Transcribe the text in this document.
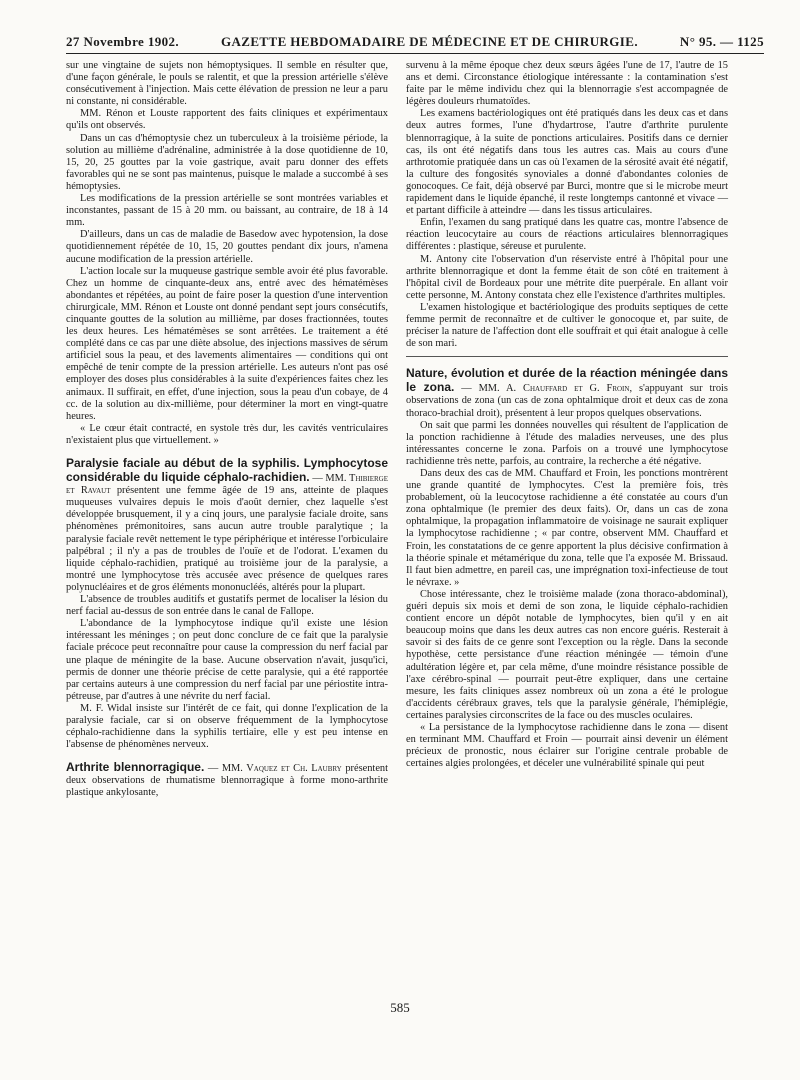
27 Novembre 1902.	GAZETTE HEBDOMADAIRE DE MÉDECINE ET DE CHIRURGIE.	N° 95. — 1125

sur une vingtaine de sujets non hémoptysiques. Il semble en résulter que, d'une façon générale, le pouls se ralentit, et que la pression artérielle s'élève consécutivement à l'injection. Mais cette élévation de pression ne leur a paru ni constante, ni considérable.

MM. Rénon et Louste rapportent des faits cliniques et expérimentaux qu'ils ont observés.

Dans un cas d'hémoptysie chez un tuberculeux à la troisième période, la solution au millième d'adrénaline, administrée à la dose quotidienne de 10, 15, 20, 25 gouttes par la voie gastrique, avait paru donner des effets favorables qui ne se sont pas maintenus, puisque le malade a succombé à ses hémoptysies.

Les modifications de la pression artérielle se sont montrées variables et inconstantes, passant de 15 à 20 mm. ou baissant, au contraire, de 18 à 14 mm.

D'ailleurs, dans un cas de maladie de Basedow avec hypotension, la dose quotidiennement répétée de 10, 15, 20 gouttes pendant dix jours, n'amena aucune modification de la pression artérielle.

L'action locale sur la muqueuse gastrique semble avoir été plus favorable. Chez un homme de cinquante-deux ans, entré avec des hématémèses abondantes et répétées, au point de faire poser la question d'une intervention chirurgicale, MM. Rénon et Louste ont donné pendant sept jours consécutifs, cinquante gouttes de la solution au millième, par doses fractionnées, toutes les deux heures. Les hématémèses se sont arrêtées. Le traitement a été complété dans ce cas par une diète absolue, des injections massives de sérum artificiel sous la peau, et des lavements alimentaires — conditions qui ont empêché de tenir compte de la pression artérielle. Les auteurs n'ont pas osé employer des doses plus considérables à la suite d'expériences faites chez les animaux. Il suffirait, en effet, d'une injection, sous la peau d'un cobaye, de 4 cc. de la solution au dix-millième, pour déterminer la mort en vingt-quatre heures.

« Le cœur était contracté, en systole très dur, les cavités ventriculaires n'existaient plus que virtuellement. »

Paralysie faciale au début de la syphilis. Lymphocytose considérable du liquide céphalo-rachidien. — MM. Thibierge et Ravaut présentent une femme âgée de 19 ans, atteinte de plaques muqueuses vulvaires depuis le mois d'août dernier, chez laquelle s'est développée brusquement, il y a cinq jours, une paralysie faciale droite, sans phénomènes prémonitoires, sans aucun autre trouble paralytique ; la paralysie faciale revêt nettement le type périphérique et intéresse l'orbiculaire palpébral ; il n'y a pas de troubles de l'ouïe et de l'odorat. L'examen du liquide céphalo-rachidien, pratiqué au troisième jour de la paralysie, a montré une lymphocytose très accusée avec présence de quelques rares polynucléaires et de gros éléments mononucléés, altérés pour la plupart.

L'absence de troubles auditifs et gustatifs permet de localiser la lésion du nerf facial au-dessus de son entrée dans le canal de Fallope.

L'abondance de la lymphocytose indique qu'il existe une lésion intéressant les méninges ; on peut donc conclure de ce fait que la paralysie faciale précoce peut reconnaître pour cause la compression du nerf facial par une plaque de méningite de la base. Aucune observation n'avait, jusqu'ici, permis de donner une théorie précise de cette paralysie, qui a été rapportée par certains auteurs à une compression du nerf facial par une périostite intra-pétreuse, par d'autres à une névrite du nerf facial.

M. F. Widal insiste sur l'intérêt de ce fait, qui donne l'explication de la paralysie faciale, car si on observe fréquemment de la lymphocytose céphalo-rachidienne dans la syphilis tertiaire, elle y est peu intense en l'absense de phénomènes nerveux.

Arthrite blennorragique. — MM. Vaquez et Ch. Laubry présentent deux observations de rhumatisme blennorragique à forme mono-arthrite plastique ankylosante,

survenu à la même époque chez deux sœurs âgées l'une de 17, l'autre de 15 ans et demi. Circonstance étiologique intéressante : la contamination s'est faite par le même individu chez qui la blennorragie s'est accompagnée de légères douleurs rhumatoïdes.

Les examens bactériologiques ont été pratiqués dans les deux cas et dans deux autres formes, l'une d'hydartrose, l'autre d'arthrite purulente blennorragique, à la suite de ponctions articulaires. Positifs dans ce dernier cas, ils ont été négatifs dans tous les autres cas. Mais au cours d'une arthrotomie pratiquée dans un cas où l'examen de la sérosité avait été négatif, la culture des fongosités synoviales a donné d'abondantes colonies de gonocoques. Ce fait, déjà observé par Burci, montre que si le microbe meurt rapidement dans le liquide épanché, il reste longtemps cantonné et vivace — et partant difficile à atteindre — dans les tissus articulaires.

Enfin, l'examen du sang pratiqué dans les quatre cas, montre l'absence de réaction leucocytaire au cours de réactions articulaires blennorragiques différentes : plastique, séreuse et purulente.

M. Antony cite l'observation d'un réserviste entré à l'hôpital pour une arthrite blennorragique et dont la femme était de son côté en traitement à l'hôpital civil de Bordeaux pour une métrite dite puerpérale. En allant voir cette personne, M. Antony constata chez elle l'existence d'arthrites multiples.

L'examen histologique et bactériologique des produits septiques de cette femme permit de reconnaître et de cultiver le gonocoque et, par suite, de préciser la nature de l'affection dont elle souffrait et qui était analogue à celle de son mari.

Nature, évolution et durée de la réaction méningée dans le zona. — MM. A. Chauffard et G. Froin, s'appuyant sur trois observations de zona (un cas de zona ophtalmique droit et deux cas de zona thoraco-brachial droit), présentent à leur propos quelques observations.

On sait que parmi les données nouvelles qui résultent de l'application de la ponction rachidienne à l'étude des maladies nerveuses, une des plus intéressantes concerne le zona. Parfois on a trouvé une lymphocytose rachidienne très nette, parfois, au contraire, la recherche a été négative.

Dans deux des cas de MM. Chauffard et Froin, les ponctions montrèrent une grande quantité de lymphocytes. C'est la première fois, très probablement, où la leucocytose rachidienne a été constatée au cours d'un zona ophtalmique (le premier des deux faits). Or, dans un cas de zona ophtalmique, la propagation inflammatoire de voisinage ne saurait expliquer la lymphocytose rachidienne ; « par contre, observent MM. Chauffard et Froin, les constatations de ce genre apportent la plus décisive confirmation à la théorie spinale et métamérique du zona, telle que l'a exposée M. Brissaud. Il faut bien admettre, en pareil cas, une imprégnation toxi-infectieuse de tout le névraxe. »

Chose intéressante, chez le troisième malade (zona thoraco-abdominal), guéri depuis six mois et demi de son zona, le liquide céphalo-rachidien contient encore un dépôt notable de lymphocytes, bien qu'il y en ait beaucoup moins que dans les deux autres cas non encore guéris. Resterait à savoir si des faits de ce genre sont l'exception ou la règle. Dans la seconde hypothèse, cette persistance d'une réaction méningée — témoin d'une adultération légère et, par cela même, d'une moindre résistance possible de l'axe cérébro-spinal — pourrait peut-être expliquer, dans une certaine mesure, les faits cliniques assez nombreux où un zona a été le prologue d'accidents cérébraux graves, tels que la paralysie générale, l'hémiplégie, certaines paralysies circonscrites de la face ou des muscles oculaires.

« La persistance de la lymphocytose rachidienne dans le zona — disent en terminant MM. Chauffard et Froin — pourrait ainsi devenir un élément précieux de pronostic, nous éclairer sur l'origine centrale probable de certaines algies prolongées, et déceler une vulnérabilité spinale qui peut

585
